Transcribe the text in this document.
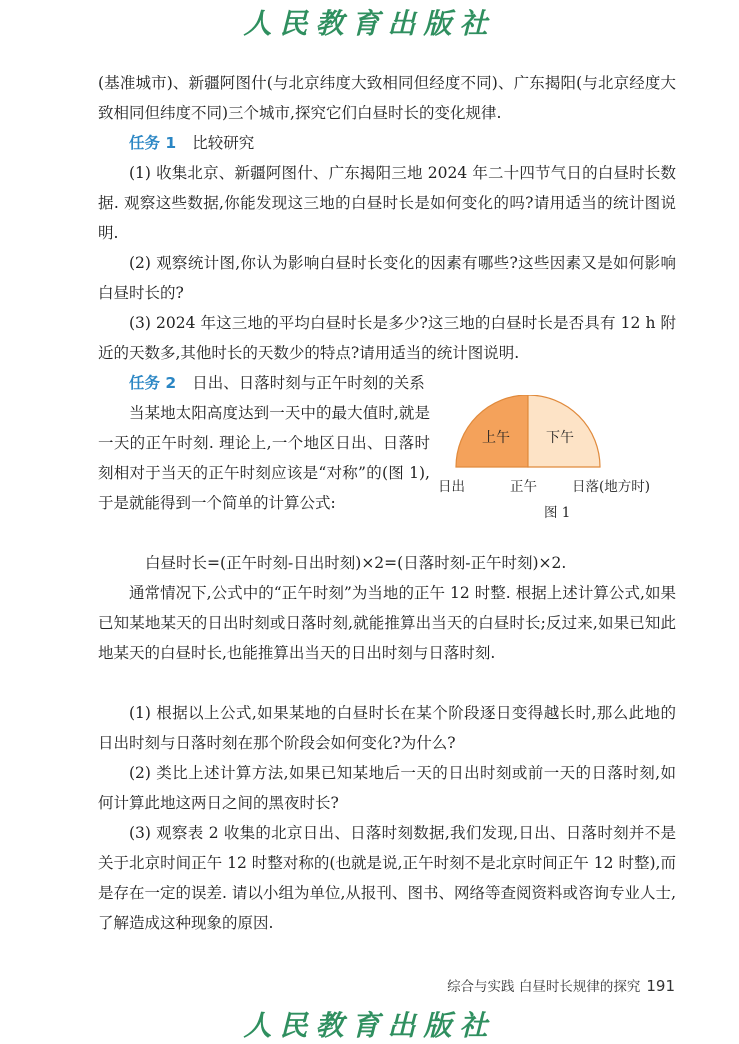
人民教育出版社

(基准城市)、新疆阿图什(与北京纬度大致相同但经度不同)、广东揭阳(与北京经度大致相同但纬度不同)三个城市,探究它们白昼时长的变化规律.

任务 1 比较研究

(1) 收集北京、新疆阿图什、广东揭阳三地 2024 年二十四节气日的白昼时长数据. 观察这些数据,你能发现这三地的白昼时长是如何变化的吗?请用适当的统计图说明.

(2) 观察统计图,你认为影响白昼时长变化的因素有哪些?这些因素又是如何影响白昼时长的?

(3) 2024 年这三地的平均白昼时长是多少?这三地的白昼时长是否具有 12 h 附近的天数多,其他时长的天数少的特点?请用适当的统计图说明.

任务 2 日出、日落时刻与正午时刻的关系

当某地太阳高度达到一天中的最大值时,就是一天的正午时刻. 理论上,一个地区日出、日落时刻相对于当天的正午时刻应该是“对称”的(图 1),于是就能得到一个简单的计算公式:

上午	下午
日出	正午	日落(地方时)
图 1

白昼时长=(正午时刻-日出时刻)×2=(日落时刻-正午时刻)×2.

通常情况下,公式中的“正午时刻”为当地的正午 12 时整. 根据上述计算公式,如果已知某地某天的日出时刻或日落时刻,就能推算出当天的白昼时长;反过来,如果已知此地某天的白昼时长,也能推算出当天的日出时刻与日落时刻.

(1) 根据以上公式,如果某地的白昼时长在某个阶段逐日变得越长时,那么此地的日出时刻与日落时刻在那个阶段会如何变化?为什么?

(2) 类比上述计算方法,如果已知某地后一天的日出时刻或前一天的日落时刻,如何计算此地这两日之间的黑夜时长?

(3) 观察表 2 收集的北京日出、日落时刻数据,我们发现,日出、日落时刻并不是关于北京时间正午 12 时整对称的(也就是说,正午时刻不是北京时间正午 12 时整),而是存在一定的误差. 请以小组为单位,从报刊、图书、网络等查阅资料或咨询专业人士,了解造成这种现象的原因.

综合与实践 白昼时长规律的探究 191
人民教育出版社
